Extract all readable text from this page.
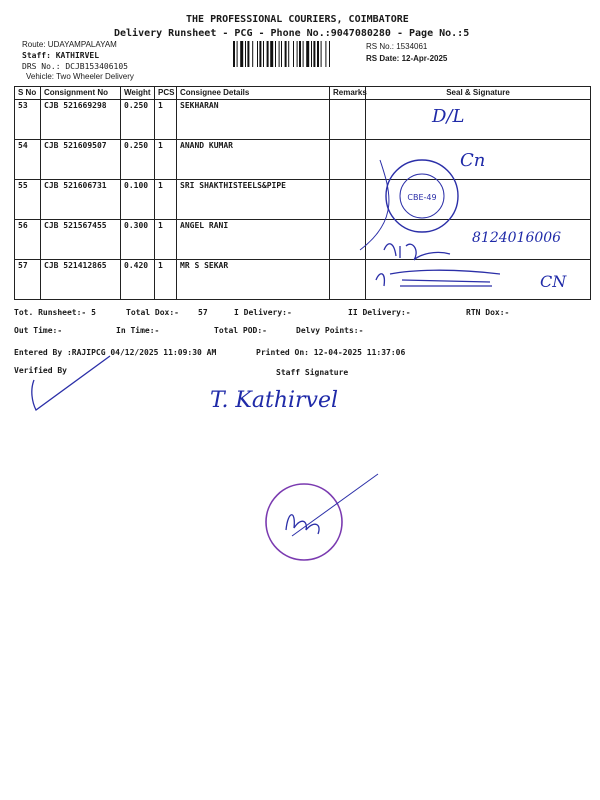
THE PROFESSIONAL COURIERS, COIMBATORE
Delivery Runsheet - PCG - Phone No.:9047080280 - Page No.:5
Route: UDAYAMPALAYAM
Staff: KATHIRVEL
DRS No.: DCJB153406105
Vehicle: Two Wheeler Delivery
RS No.: 1534061
RS Date: 12-Apr-2025
S No	Consignment No	Weight	PCS	Consignee Details	Remarks	Seal & Signature
53	CJB 521669298	0.250	1	SEKHARAN		
54	CJB 521609507	0.250	1	ANAND KUMAR		
55	CJB 521606731	0.100	1	SRI SHAKTHISTEELS&PIPE		
56	CJB 521567455	0.300	1	ANGEL RANI		
57	CJB 521412865	0.420	1	MR S SEKAR		
D/L
Cn
8124016006
CN
CBE-49
Tot. Runsheet:- 5	Total Dox:- 57	I Delivery:-	II Delivery:-	RTN Dox:-
Out Time:-	In Time:-	Total POD:-	Delvy Points:-
Entered By :RAJIPCG 04/12/2025 11:09:30 AM	Printed On: 12-04-2025 11:37:06
Verified By	Staff Signature
T. Kathirvel
